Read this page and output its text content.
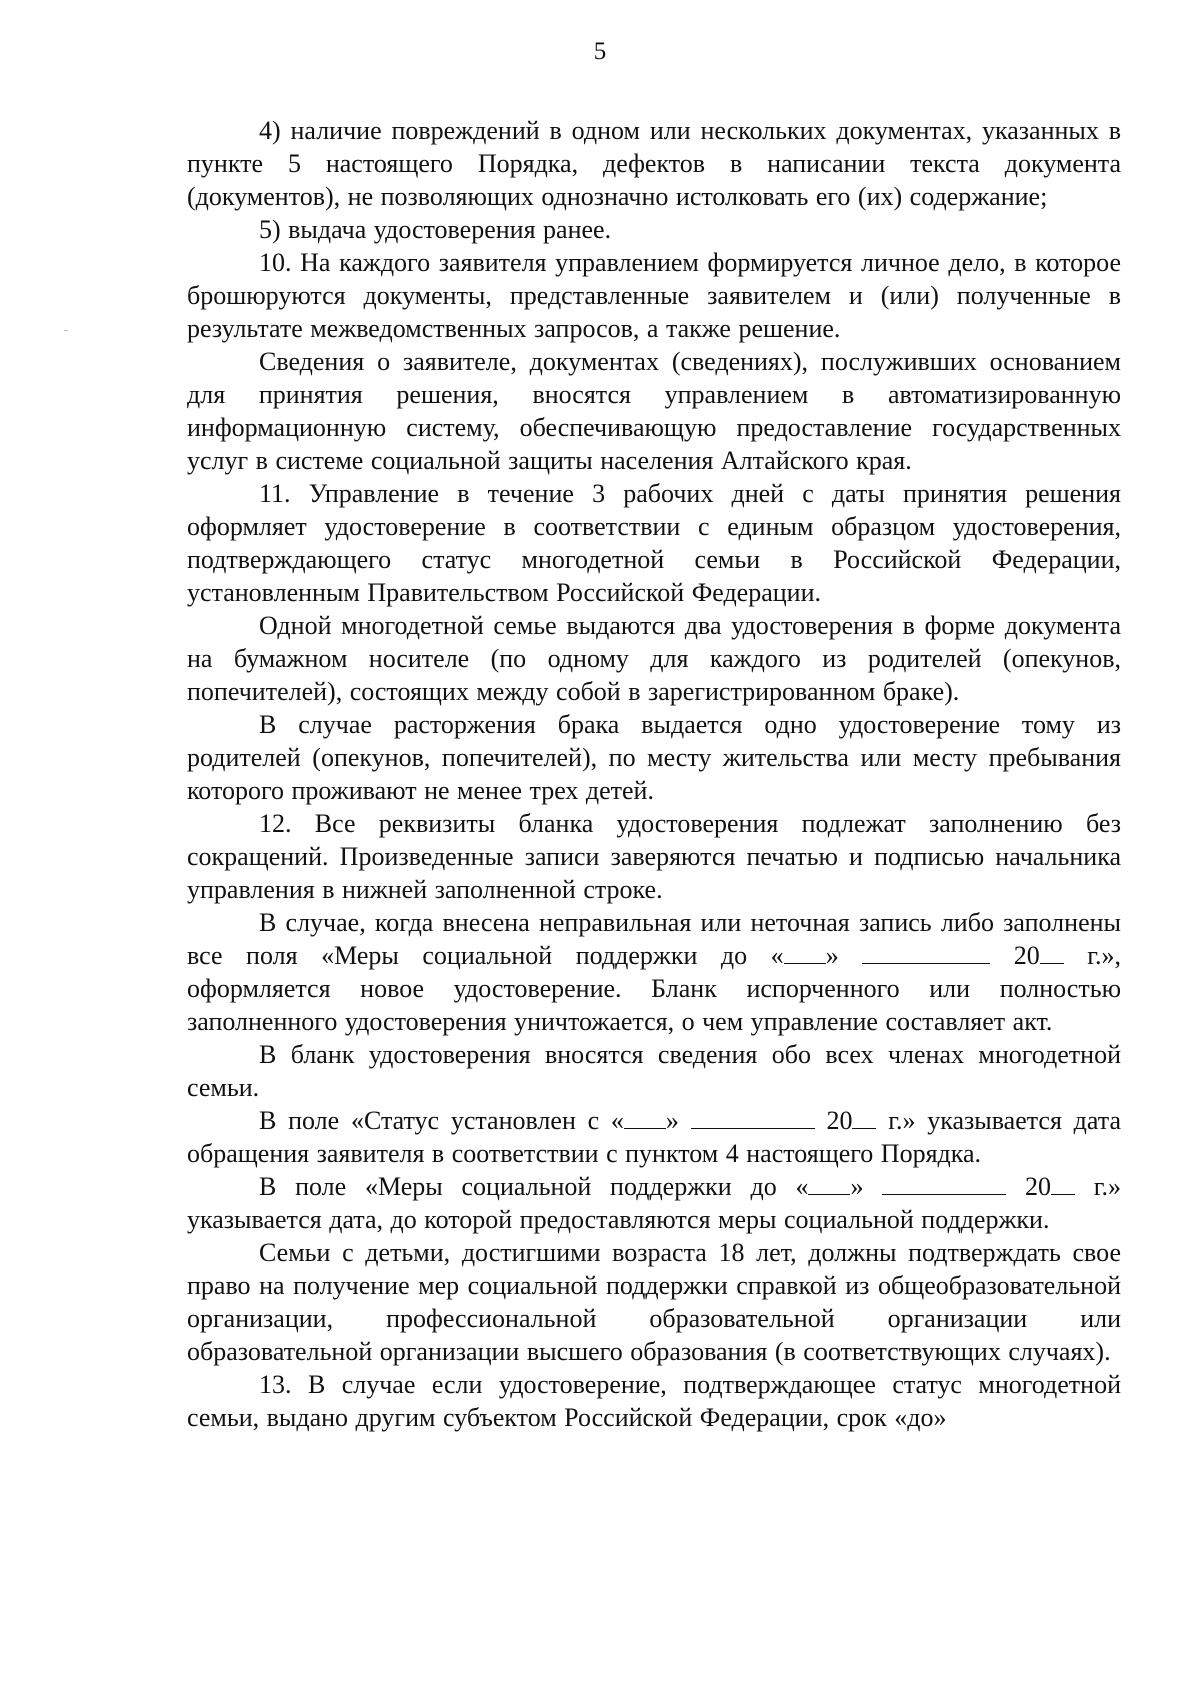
5

4) наличие повреждений в одном или нескольких документах, указанных в пункте 5 настоящего Порядка, дефектов в написании текста документа (документов), не позволяющих однозначно истолковать его (их) содержание;

5) выдача удостоверения ранее.

10. На каждого заявителя управлением формируется личное дело, в которое брошюруются документы, представленные заявителем и (или) полученные в результате межведомственных запросов, а также решение.

Сведения о заявителе, документах (сведениях), послуживших основанием для принятия решения, вносятся управлением в автоматизированную информационную систему, обеспечивающую предоставление государственных услуг в системе социальной защиты населения Алтайского края.

11. Управление в течение 3 рабочих дней с даты принятия решения оформляет удостоверение в соответствии с единым образцом удостоверения, подтверждающего статус многодетной семьи в Российской Федерации, установленным Правительством Российской Федерации.

Одной многодетной семье выдаются два удостоверения в форме документа на бумажном носителе (по одному для каждого из родителей (опекунов, попечителей), состоящих между собой в зарегистрированном браке).

В случае расторжения брака выдается одно удостоверение тому из родителей (опекунов, попечителей), по месту жительства или месту пребывания которого проживают не менее трех детей.

12. Все реквизиты бланка удостоверения подлежат заполнению без сокращений. Произведенные записи заверяются печатью и подписью начальника управления в нижней заполненной строке.

В случае, когда внесена неправильная или неточная запись либо заполнены все поля «Меры социальной поддержки до « »	20 г.», оформляется новое удостоверение. Бланк испорченного или полностью заполненного удостоверения уничтожается, о чем управление составляет акт.

В бланк удостоверения вносятся сведения обо всех членах многодетной семьи.

В поле «Статус установлен с « »	20 г.» указывается дата обращения заявителя в соответствии с пунктом 4 настоящего Порядка.

В поле «Меры социальной поддержки до « »	20 г.» указывается дата, до которой предоставляются меры социальной поддержки.

Семьи с детьми, достигшими возраста 18 лет, должны подтверждать свое право на получение мер социальной поддержки справкой из общеобразовательной организации, профессиональной образовательной организации или образовательной организации высшего образования (в соответствующих случаях).

13. В случае если удостоверение, подтверждающее статус многодетной семьи, выдано другим субъектом Российской Федерации, срок «до»
